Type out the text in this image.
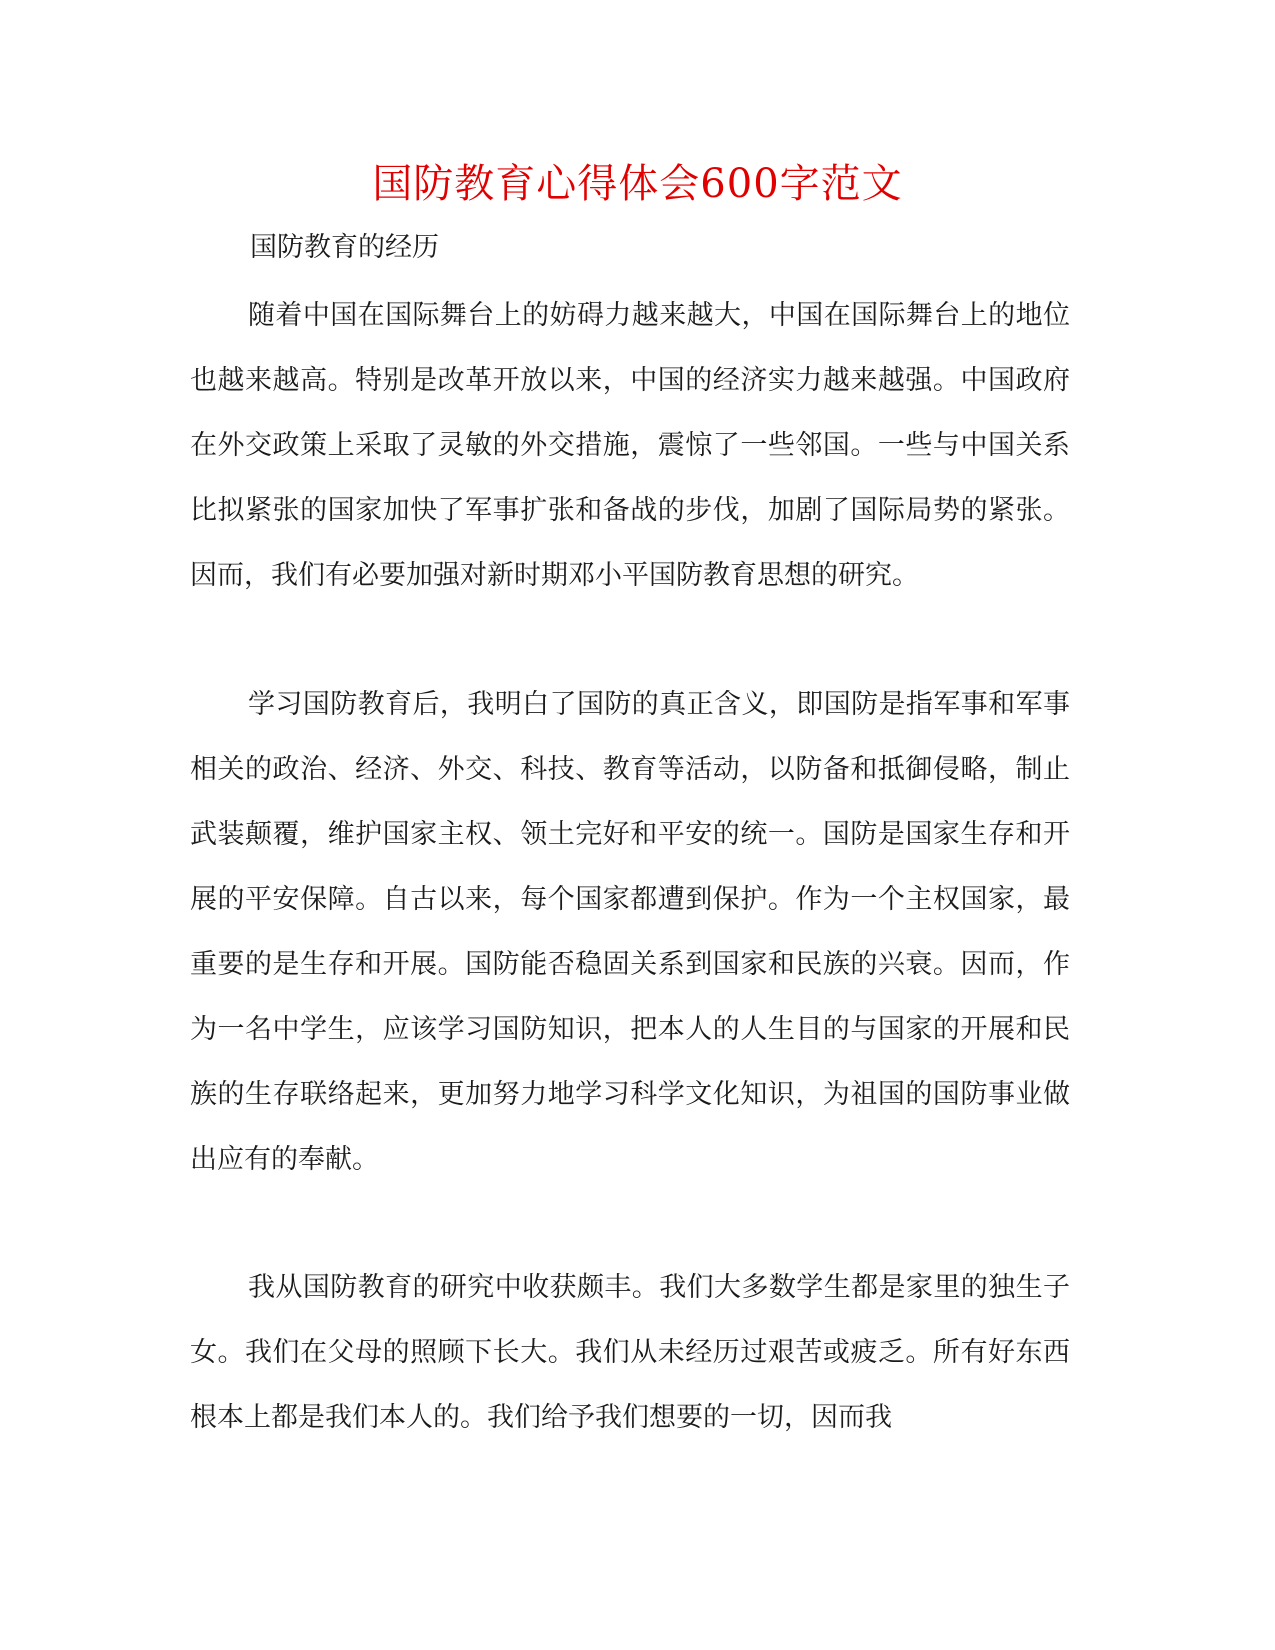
国防教育心得体会600字范文
国防教育的经历

随着中国在国际舞台上的妨碍力越来越大，中国在国际舞台上的地位也越来越高。特别是改革开放以来，中国的经济实力越来越强。中国政府在外交政策上采取了灵敏的外交措施，震惊了一些邻国。一些与中国关系比拟紧张的国家加快了军事扩张和备战的步伐，加剧了国际局势的紧张。因而，我们有必要加强对新时期邓小平国防教育思想的研究。

学习国防教育后，我明白了国防的真正含义，即国防是指军事和军事相关的政治、经济、外交、科技、教育等活动，以防备和抵御侵略，制止武装颠覆，维护国家主权、领土完好和平安的统一。国防是国家生存和开展的平安保障。自古以来，每个国家都遭到保护。作为一个主权国家，最重要的是生存和开展。国防能否稳固关系到国家和民族的兴衰。因而，作为一名中学生，应该学习国防知识，把本人的人生目的与国家的开展和民族的生存联络起来，更加努力地学习科学文化知识，为祖国的国防事业做出应有的奉献。

我从国防教育的研究中收获颇丰。我们大多数学生都是家里的独生子女。我们在父母的照顾下长大。我们从未经历过艰苦或疲乏。所有好东西根本上都是我们本人的。我们给予我们想要的一切，因而我
